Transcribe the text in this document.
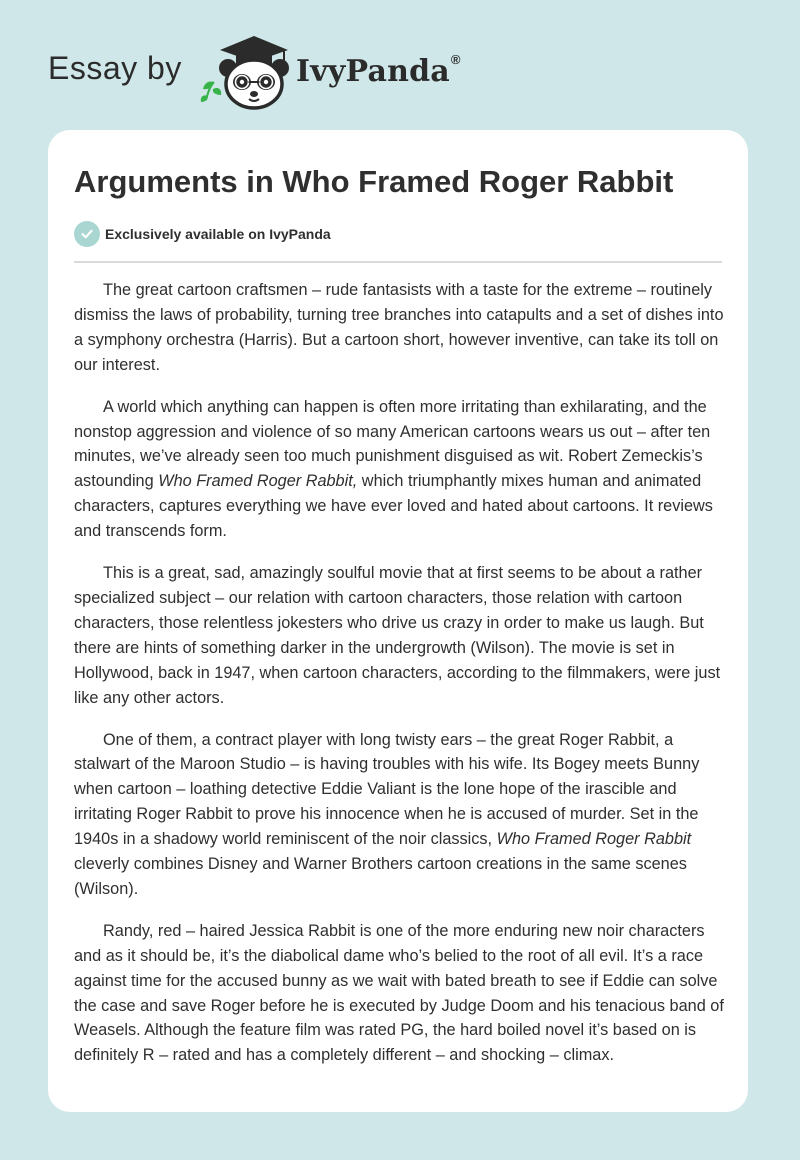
Essay by	IvyPanda®
Arguments in Who Framed Roger Rabbit
Exclusively available on IvyPanda

The great cartoon craftsmen – rude fantasists with a taste for the extreme – routinely dismiss the laws of probability, turning tree branches into catapults and a set of dishes into a symphony orchestra (Harris). But a cartoon short, however inventive, can take its toll on our interest.

A world which anything can happen is often more irritating than exhilarating, and the nonstop aggression and violence of so many American cartoons wears us out – after ten minutes, we’ve already seen too much punishment disguised as wit. Robert Zemeckis’s astounding Who Framed Roger Rabbit, which triumphantly mixes human and animated characters, captures everything we have ever loved and hated about cartoons. It reviews and transcends form.

This is a great, sad, amazingly soulful movie that at first seems to be about a rather specialized subject – our relation with cartoon characters, those relation with cartoon characters, those relentless jokesters who drive us crazy in order to make us laugh. But there are hints of something darker in the undergrowth (Wilson). The movie is set in Hollywood, back in 1947, when cartoon characters, according to the filmmakers, were just like any other actors.

One of them, a contract player with long twisty ears – the great Roger Rabbit, a stalwart of the Maroon Studio – is having troubles with his wife. Its Bogey meets Bunny when cartoon – loathing detective Eddie Valiant is the lone hope of the irascible and irritating Roger Rabbit to prove his innocence when he is accused of murder. Set in the 1940s in a shadowy world reminiscent of the noir classics, Who Framed Roger Rabbit cleverly combines Disney and Warner Brothers cartoon creations in the same scenes (Wilson).

Randy, red – haired Jessica Rabbit is one of the more enduring new noir characters and as it should be, it’s the diabolical dame who’s belied to the root of all evil. It’s a race against time for the accused bunny as we wait with bated breath to see if Eddie can solve the case and save Roger before he is executed by Judge Doom and his tenacious band of Weasels. Although the feature film was rated PG, the hard boiled novel it’s based on is definitely R – rated and has a completely different – and shocking – climax.
